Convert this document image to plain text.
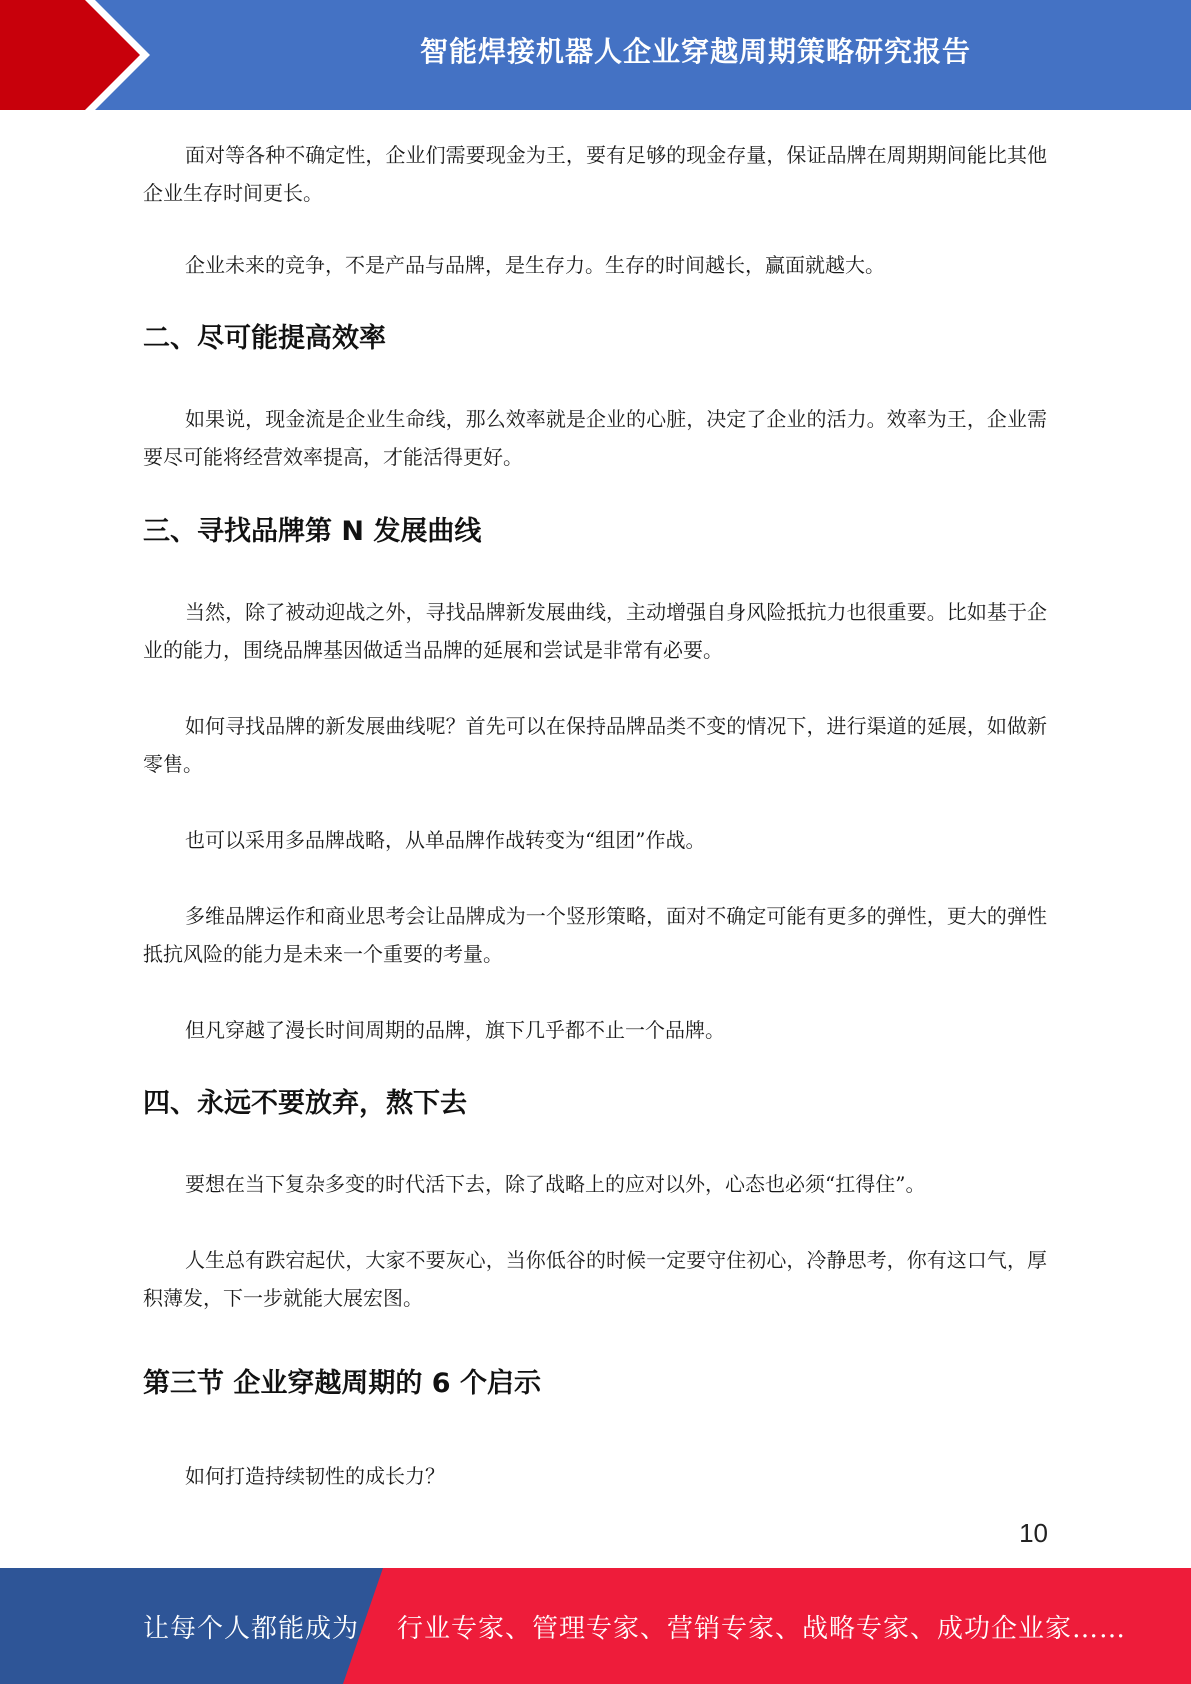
智能焊接机器人企业穿越周期策略研究报告

面对等各种不确定性，企业们需要现金为王，要有足够的现金存量，保证品牌在周期期间能比其他企业生存时间更长。

企业未来的竞争，不是产品与品牌，是生存力。生存的时间越长，赢面就越大。

二、尽可能提高效率

如果说，现金流是企业生命线，那么效率就是企业的心脏，决定了企业的活力。效率为王，企业需要尽可能将经营效率提高，才能活得更好。

三、寻找品牌第 N 发展曲线

当然，除了被动迎战之外，寻找品牌新发展曲线，主动增强自身风险抵抗力也很重要。比如基于企业的能力，围绕品牌基因做适当品牌的延展和尝试是非常有必要。

如何寻找品牌的新发展曲线呢？首先可以在保持品牌品类不变的情况下，进行渠道的延展，如做新零售。

也可以采用多品牌战略，从单品牌作战转变为“组团”作战。

多维品牌运作和商业思考会让品牌成为一个竖形策略，面对不确定可能有更多的弹性，更大的弹性抵抗风险的能力是未来一个重要的考量。

但凡穿越了漫长时间周期的品牌，旗下几乎都不止一个品牌。

四、永远不要放弃，熬下去

要想在当下复杂多变的时代活下去，除了战略上的应对以外，心态也必须“扛得住”。

人生总有跌宕起伏，大家不要灰心，当你低谷的时候一定要守住初心，冷静思考，你有这口气，厚积薄发，下一步就能大展宏图。

第三节 企业穿越周期的 6 个启示

如何打造持续韧性的成长力？

10
让每个人都能成为 行业专家、管理专家、营销专家、战略专家、成功企业家……
